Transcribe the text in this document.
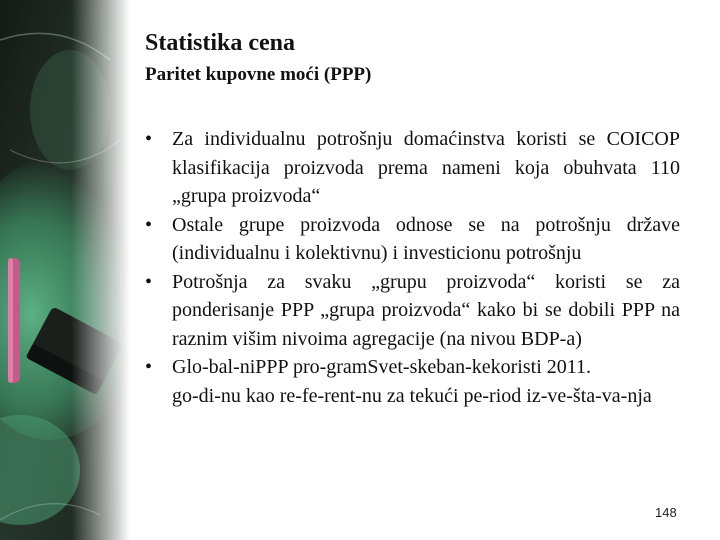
Statistika cena
Paritet kupovne moći (PPP)
• Za individualnu potrošnju domaćinstva koristi se COICOP klasifikacija proizvoda prema nameni koja obuhvata 110 „grupa proizvoda“
• Ostale grupe proizvoda odnose se na potrošnju države (individualnu i kolektivnu) i investicionu potrošnju
• Potrošnja za svaku „grupu proizvoda“ koristi se za ponderisanje PPP „grupa proizvoda“ kako bi se dobili PPP na raznim višim nivoima agregacije (na nivou BDP-a)
• Glo-bal-niPPP pro-gramSvet-skeban-kekoristi 2011.
go-di-nu kao re-fe-rent-nu za tekući pe-riod iz-ve-šta-va-nja
148
